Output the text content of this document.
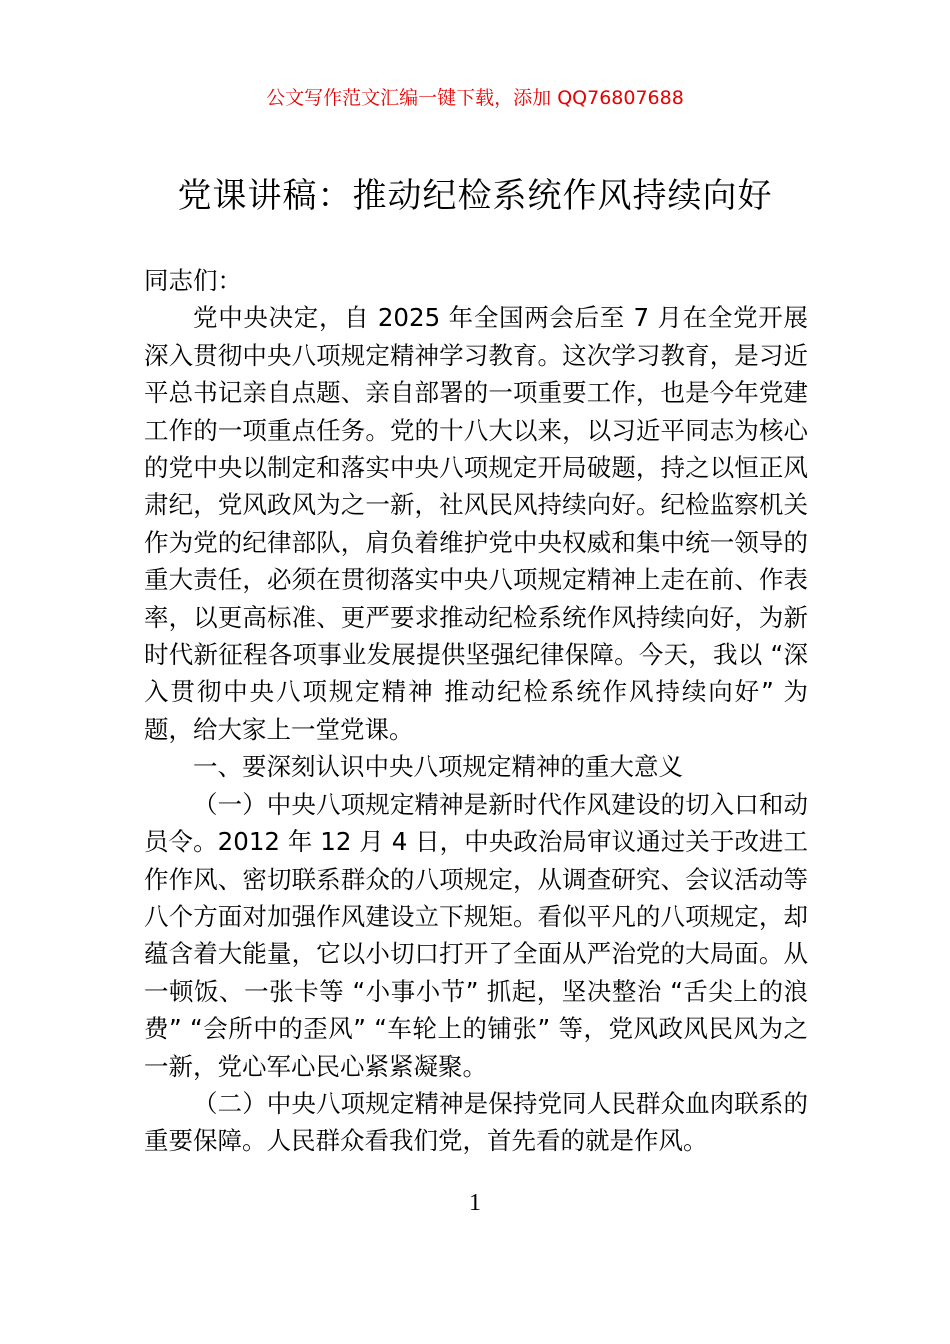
公文写作范文汇编一键下载，添加 QQ76807688
党课讲稿：推动纪检系统作风持续向好

同志们：

党中央决定，自 2025 年全国两会后至 7 月在全党开展深入贯彻中央八项规定精神学习教育。这次学习教育，是习近平总书记亲自点题、亲自部署的一项重要工作，也是今年党建工作的一项重点任务。党的十八大以来，以习近平同志为核心的党中央以制定和落实中央八项规定开局破题，持之以恒正风肃纪，党风政风为之一新，社风民风持续向好。纪检监察机关作为党的纪律部队，肩负着维护党中央权威和集中统一领导的重大责任，必须在贯彻落实中央八项规定精神上走在前、作表率，以更高标准、更严要求推动纪检系统作风持续向好，为新时代新征程各项事业发展提供坚强纪律保障。今天，我以 “深入贯彻中央八项规定精神 推动纪检系统作风持续向好” 为题，给大家上一堂党课。

一、要深刻认识中央八项规定精神的重大意义

（一）中央八项规定精神是新时代作风建设的切入口和动员令。2012 年 12 月 4 日，中央政治局审议通过关于改进工作作风、密切联系群众的八项规定，从调查研究、会议活动等八个方面对加强作风建设立下规矩。看似平凡的八项规定，却蕴含着大能量，它以小切口打开了全面从严治党的大局面。从一顿饭、一张卡等 “小事小节” 抓起，坚决整治 “舌尖上的浪费” “会所中的歪风” “车轮上的铺张” 等，党风政风民风为之一新，党心军心民心紧紧凝聚。

（二）中央八项规定精神是保持党同人民群众血肉联系的重要保障。人民群众看我们党，首先看的就是作风。

1
